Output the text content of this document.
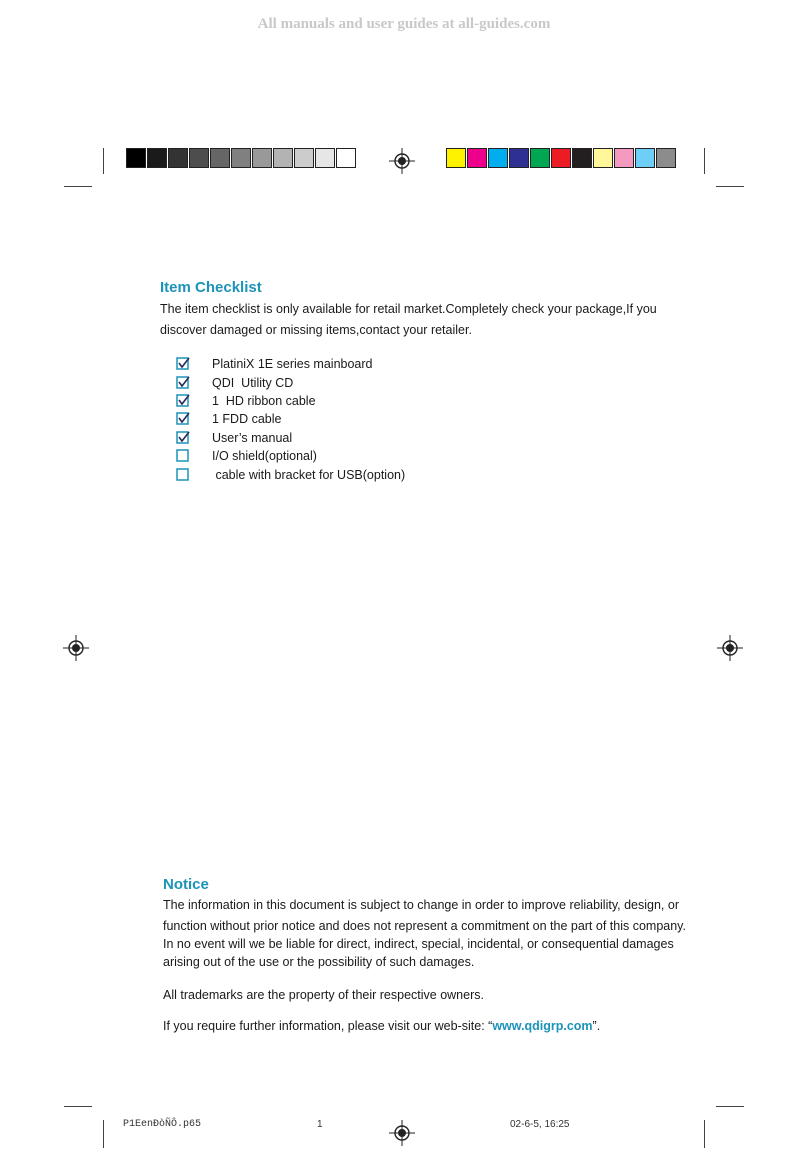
All manuals and user guides at all-guides.com
Item Checklist

The item checklist is only available for retail market.Completely check your package,If you

discover damaged or missing items,contact your retailer.

PlatiniX 1E series mainboard
QDI  Utility CD
1  HD ribbon cable
1 FDD cable
User’s manual
I/O shield(optional)
cable with bracket for USB(option)
Notice

The information in this document is subject to change in order to improve reliability, design, or

function without prior notice and does not represent a commitment on the part of this company.

In no event will we be liable for direct, indirect, special, incidental, or consequential damages

arising out of the use or the possibility of such damages.

All trademarks are the property of their respective owners.

If you require further information, please visit our web-site: “www.qdigrp.com”.

P1EenÐòÑÔ.p65	1	02-6-5, 16:25
